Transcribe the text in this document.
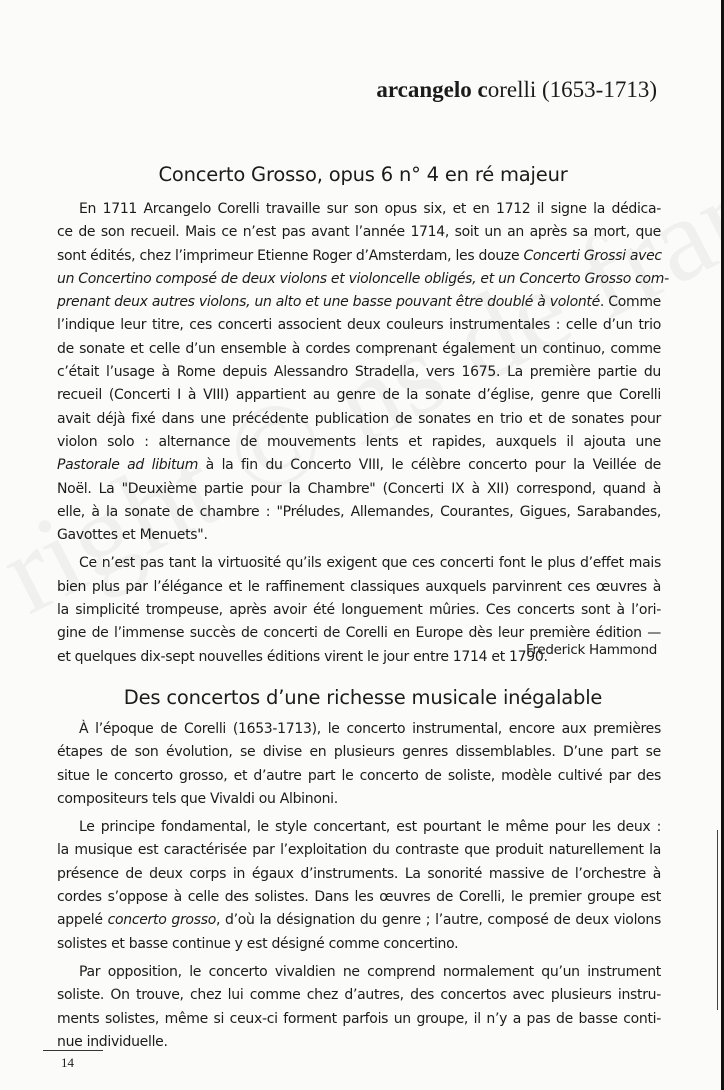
arcangelo corelli (1653-1713)
Concerto Grosso, opus 6 n° 4 en ré majeur
En 1711 Arcangelo Corelli travaille sur son opus six, et en 1712 il signe la dédica-
ce de son recueil. Mais ce n’est pas avant l’année 1714, soit un an après sa mort, que
sont édités, chez l’imprimeur Etienne Roger d’Amsterdam, les douze Concerti Grossi avec
un Concertino composé de deux violons et violoncelle obligés, et un Concerto Grosso com-
prenant deux autres violons, un alto et une basse pouvant être doublé à volonté. Comme
l’indique leur titre, ces concerti associent deux couleurs instrumentales : celle d’un trio
de sonate et celle d’un ensemble à cordes comprenant également un continuo, comme
c’était l’usage à Rome depuis Alessandro Stradella, vers 1675. La première partie du
recueil (Concerti I à VIII) appartient au genre de la sonate d’église, genre que Corelli
avait déjà fixé dans une précédente publication de sonates en trio et de sonates pour
violon solo : alternance de mouvements lents et rapides, auxquels il ajouta une
Pastorale ad libitum à la fin du Concerto VIII, le célèbre concerto pour la Veillée de
Noël. La "Deuxième partie pour la Chambre" (Concerti IX à XII) correspond, quand à
elle, à la sonate de chambre : "Préludes, Allemandes, Courantes, Gigues, Sarabandes,
Gavottes et Menuets".
Ce n’est pas tant la virtuosité qu’ils exigent que ces concerti font le plus d’effet mais
bien plus par l’élégance et le raffinement classiques auxquels parvinrent ces œuvres à
la simplicité trompeuse, après avoir été longuement mûries. Ces concerts sont à l’ori-
gine de l’immense succès de concerti de Corelli en Europe dès leur première édition —
et quelques dix-sept nouvelles éditions virent le jour entre 1714 et 1790.
Frederick Hammond
Des concertos d’une richesse musicale inégalable
À l’époque de Corelli (1653-1713), le concerto instrumental, encore aux premières
étapes de son évolution, se divise en plusieurs genres dissemblables. D’une part se
situe le concerto grosso, et d’autre part le concerto de soliste, modèle cultivé par des
compositeurs tels que Vivaldi ou Albinoni.
Le principe fondamental, le style concertant, est pourtant le même pour les deux :
la musique est caractérisée par l’exploitation du contraste que produit naturellement la
présence de deux corps in égaux d’instruments. La sonorité massive de l’orchestre à
cordes s’oppose à celle des solistes. Dans les œuvres de Corelli, le premier groupe est
appelé concerto grosso, d’où la désignation du genre ; l’autre, composé de deux violons
solistes et basse continue y est désigné comme concertino.
Par opposition, le concerto vivaldien ne comprend normalement qu’un instrument
soliste. On trouve, chez lui comme chez d’autres, des concertos avec plusieurs instru-
ments solistes, même si ceux-ci forment parfois un groupe, il n’y a pas de basse conti-
nue individuelle.
14
